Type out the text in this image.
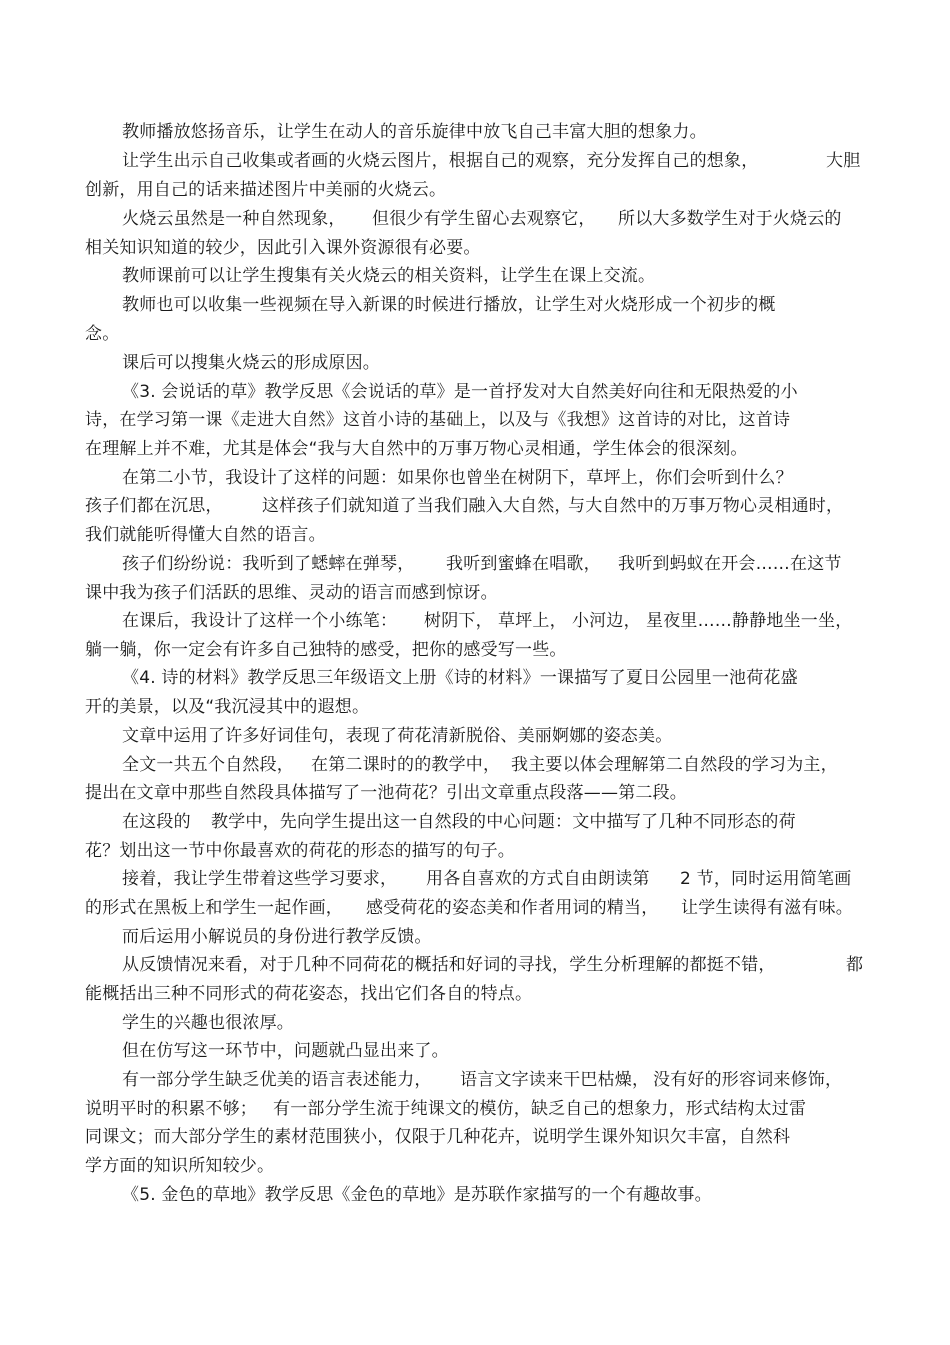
教师播放悠扬音乐，让学生在动人的音乐旋律中放飞自己丰富大胆的想象力。
让学生出示自己收集或者画的火烧云图片，根据自己的观察，充分发挥自己的想象，	大胆
创新，用自己的话来描述图片中美丽的火烧云。
火烧云虽然是一种自然现象， 但很少有学生留心去观察它， 所以大多数学生对于火烧云的
相关知识知道的较少，因此引入课外资源很有必要。
教师课前可以让学生搜集有关火烧云的相关资料，让学生在课上交流。
教师也可以收集一些视频在导入新课的时候进行播放，让学生对火烧形成一个初步的概
念。
课后可以搜集火烧云的形成原因。
《3. 会说话的草》教学反思《会说话的草》是一首抒发对大自然美好向往和无限热爱的小
诗，在学习第一课《走进大自然》这首小诗的基础上，以及与《我想》这首诗的对比，这首诗
在理解上并不难，尤其是体会“我与大自然中的万事万物心灵相通，学生体会的很深刻。
在第二小节，我设计了这样的问题：如果你也曾坐在树阴下，草坪上，你们会听到什么？
孩子们都在沉思， 这样孩子们就知道了当我们融入大自然，
与大自然中的万事万物心灵相通时，
我们就能听得懂大自然的语言。
孩子们纷纷说：我听到了蟋蟀在弹琴， 我听到蜜蜂在唱歌， 我听到蚂蚁在开会……在这节
课中我为孩子们活跃的思维、灵动的语言而感到惊讶。
在课后，我设计了这样一个小练笔： 树阴下， 草坪上， 小河边， 星夜里……静静地坐一坐，
躺一躺，你一定会有许多自己独特的感受，把你的感受写一些。
《4. 诗的材料》教学反思三年级语文上册《诗的材料》一课描写了夏日公园里一池荷花盛
开的美景，以及“我沉浸其中的遐想。
文章中运用了许多好词佳句，表现了荷花清新脱俗、美丽婀娜的姿态美。
全文一共五个自然段， 在第二课时的的教学中， 我主要以体会理解第二自然段的学习为主，
提出在文章中那些自然段具体描写了一池荷花？引出文章重点段落——第二段。
在这段的 教学中，先向学生提出这一自然段的中心问题：文中描写了几种不同形态的荷
花？划出这一节中你最喜欢的荷花的形态的描写的句子。
接着，我让学生带着这些学习要求， 用各自喜欢的方式自由朗读第 2 节，同时运用简笔画
的形式在黑板上和学生一起作画， 感受荷花的姿态美和作者用词的精当， 让学生读得有滋有味。
而后运用小解说员的身份进行教学反馈。
从反馈情况来看，对于几种不同荷花的概括和好词的寻找，学生分析理解的都挺不错，	都
能概括出三种不同形式的荷花姿态，找出它们各自的特点。
学生的兴趣也很浓厚。
但在仿写这一环节中，问题就凸显出来了。
有一部分学生缺乏优美的语言表述能力， 语言文字读来干巴枯燥， 没有好的形容词来修饰，
说明平时的积累不够； 有一部分学生流于纯课文的模仿，缺乏自己的想象力，形式结构太过雷
同课文；而大部分学生的素材范围狭小，仅限于几种花卉，说明学生课外知识欠丰富，自然科
学方面的知识所知较少。
《5. 金色的草地》教学反思《金色的草地》是苏联作家描写的一个有趣故事。
